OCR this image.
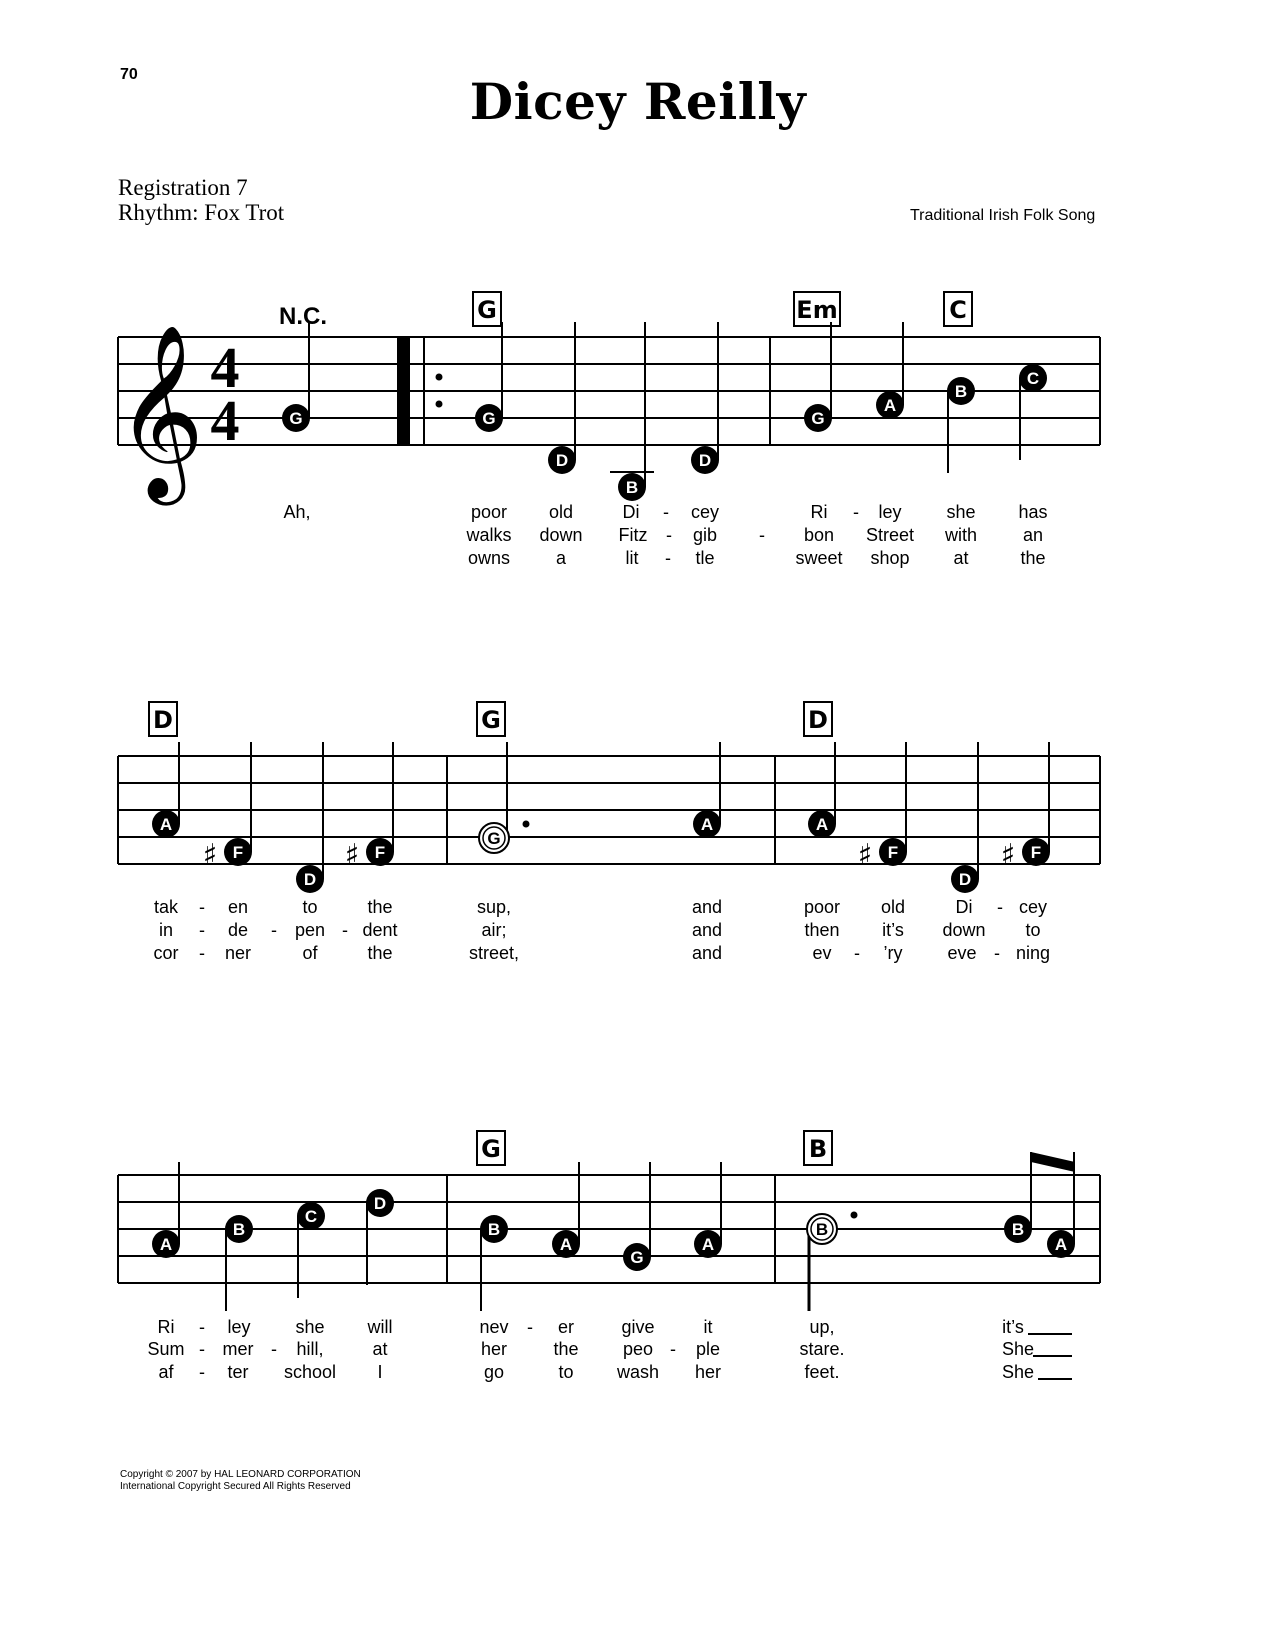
70	Dicey Reilly
Registration 7
Rhythm: Fox Trot	Traditional Irish Folk Song
Copyright © 2007 by HAL LEONARD CORPORATION
International Copyright Secured All Rights Reserved
𝄞 4
4
N.C.	G	Em	C
D	G	D
G	B
G	G
D
B
D
G
A
B
C
A
F
♯
D
F
♯	G
A	A
F
♯
D
F
♯
A
B
C
D
B
A
G
A
B	B
A
Ah,	poor old	Di - cey	Ri - ley she has
walks down Fitz - gib - bon Street with	an
owns	a	lit - tle	sweet shop at	the
tak - en	to	the	sup,	and	poor old	Di - cey
in - de - pen - dent	air;	and	then it’s down to
cor - ner	of	the	street,	and	ev - ’ry eve - ning
Ri - ley she will	nev - er	give	it	up,	it’s
Sum - mer - hill,	at	her	the peo - ple	stare.	She
af - ter school I	go	to wash her	feet.	She
